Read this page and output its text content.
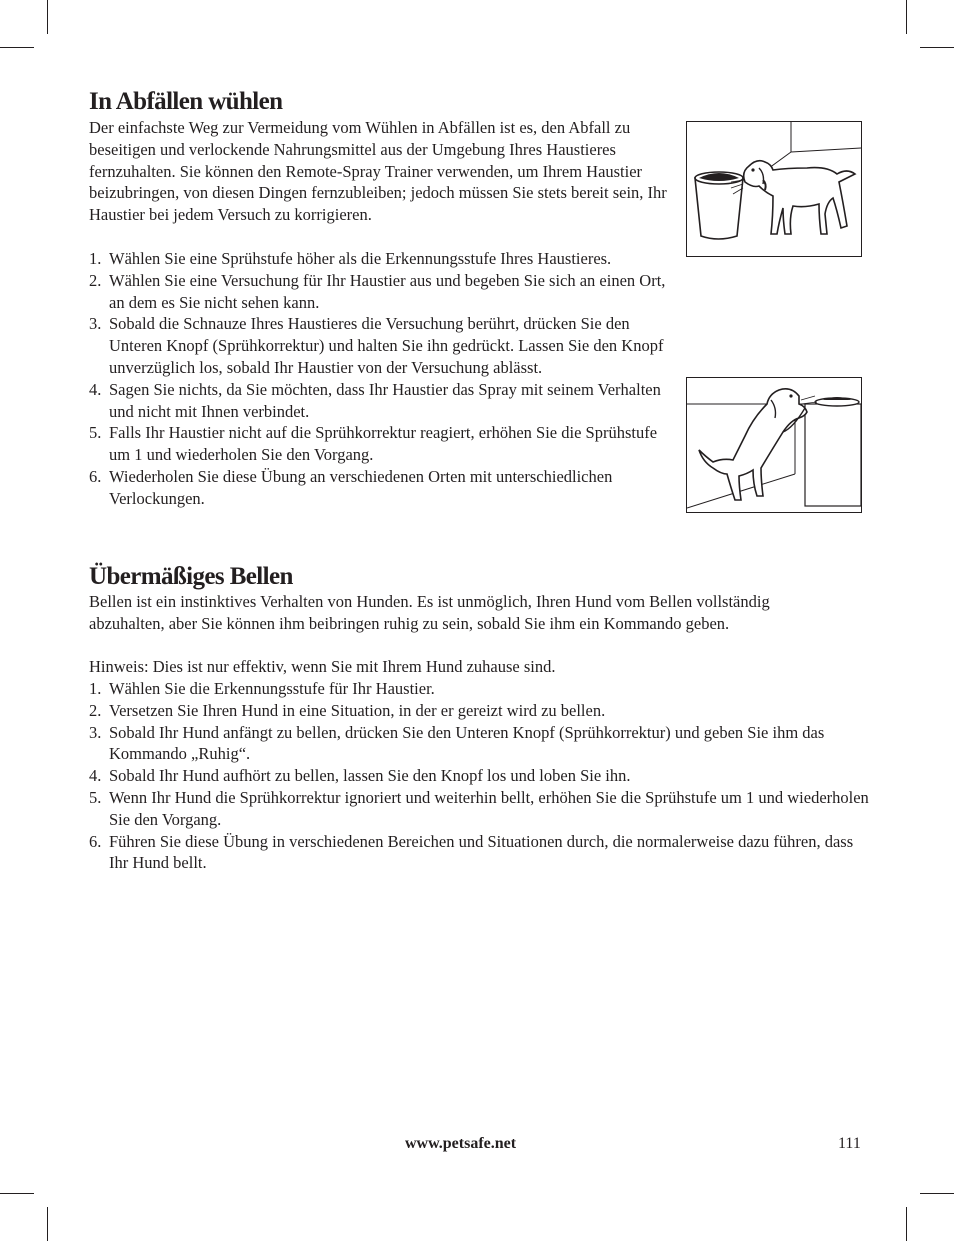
In Abfällen wühlen

Der einfachste Weg zur Vermeidung vom Wühlen in Abfällen ist es, den Abfall zu beseitigen und verlockende Nahrungsmittel aus der Umgebung Ihres Haustieres fernzuhalten. Sie können den Remote-Spray Trainer verwenden, um Ihrem Haustier beizubringen, von diesen Dingen fernzubleiben; jedoch müssen Sie stets bereit sein, Ihr Haustier bei jedem Versuch zu korrigieren.

1. Wählen Sie eine Sprühstufe höher als die Erkennungsstufe Ihres Haustieres.
2. Wählen Sie eine Versuchung für Ihr Haustier aus und begeben Sie sich an einen Ort, an dem es Sie nicht sehen kann.
3. Sobald die Schnauze Ihres Haustieres die Versuchung berührt, drücken Sie den Unteren Knopf (Sprühkorrektur) und halten Sie ihn gedrückt. Lassen Sie den Knopf unverzüglich los, sobald Ihr Haustier von der Versuchung ablässt.
4. Sagen Sie nichts, da Sie möchten, dass Ihr Haustier das Spray mit seinem Verhalten und nicht mit Ihnen verbindet.
5. Falls Ihr Haustier nicht auf die Sprühkorrektur reagiert, erhöhen Sie die Sprühstufe um 1 und wiederholen Sie den Vorgang.
6. Wiederholen Sie diese Übung an verschiedenen Orten mit unterschiedlichen Verlockungen.
Übermäßiges Bellen

Bellen ist ein instinktives Verhalten von Hunden. Es ist unmöglich, Ihren Hund vom Bellen vollständig abzuhalten, aber Sie können ihm beibringen ruhig zu sein, sobald Sie ihm ein Kommando geben.

Hinweis: Dies ist nur effektiv, wenn Sie mit Ihrem Hund zuhause sind.

1. Wählen Sie die Erkennungsstufe für Ihr Haustier.
2. Versetzen Sie Ihren Hund in eine Situation, in der er gereizt wird zu bellen.
3. Sobald Ihr Hund anfängt zu bellen, drücken Sie den Unteren Knopf (Sprühkorrektur) und geben Sie ihm das Kommando „Ruhig“.
4. Sobald Ihr Hund aufhört zu bellen, lassen Sie den Knopf los und loben Sie ihn.
5. Wenn Ihr Hund die Sprühkorrektur ignoriert und weiterhin bellt, erhöhen Sie die Sprühstufe um 1 und wiederholen Sie den Vorgang.
6. Führen Sie diese Übung in verschiedenen Bereichen und Situationen durch, die normalerweise dazu führen, dass Ihr Hund bellt.
www.petsafe.net	111
